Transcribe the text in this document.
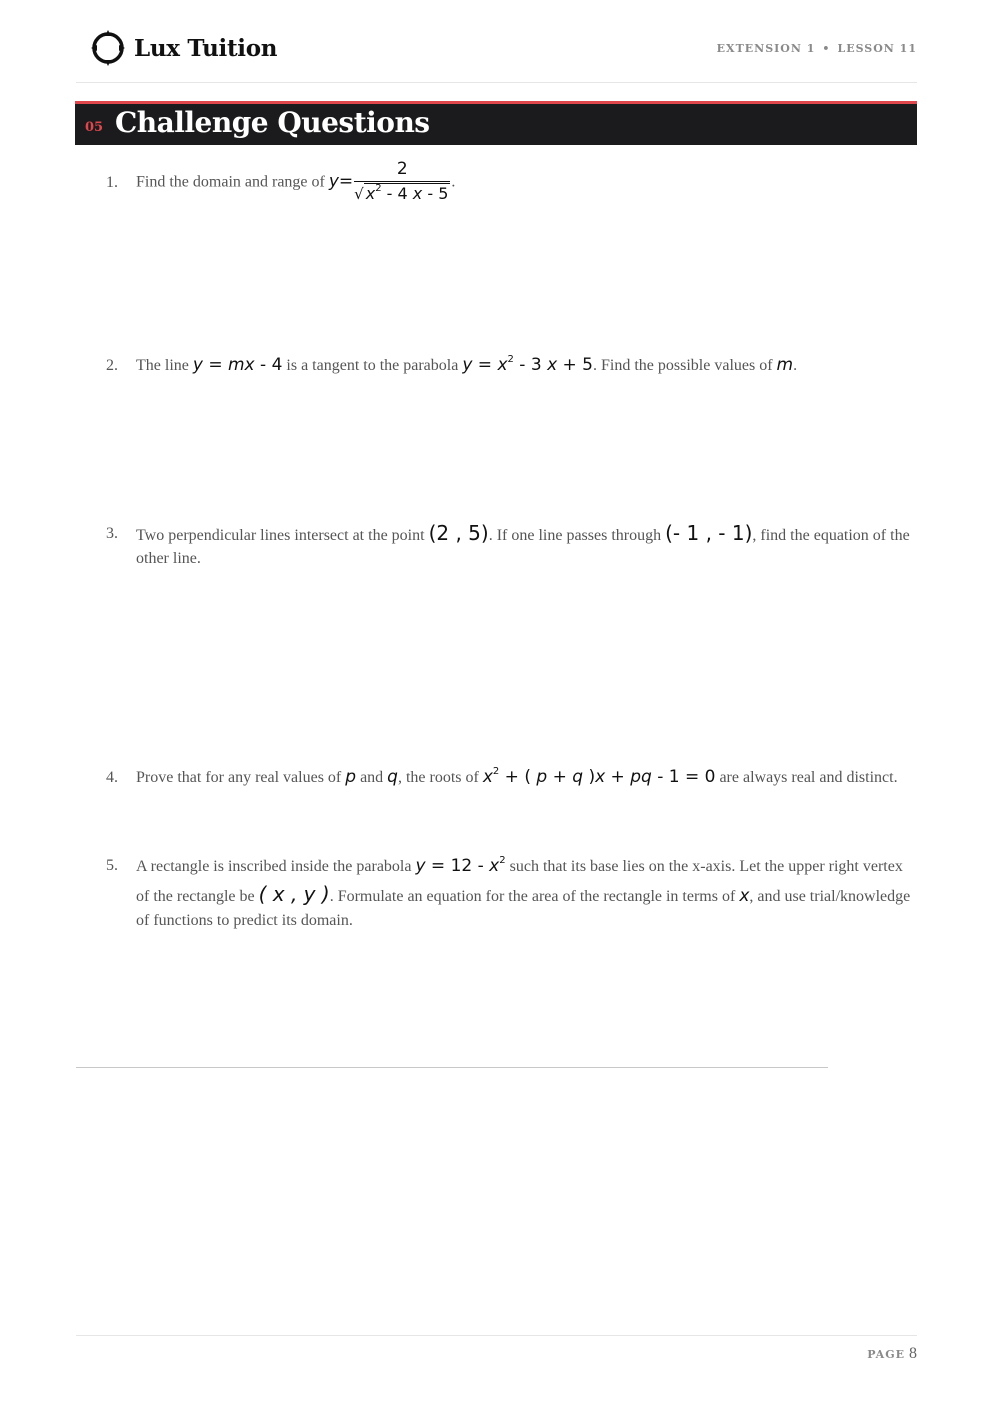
Lux Tuition	EXTENSION 1 • LESSON 11
05 Challenge Questions
1. Find the domain and range of $y= \frac{2}{√ x^2 - 4 x - 5}$ .
2. The line y = mx - 4 is a tangent to the parabola $y = x^2 - 3$ x + 5. Find the possible values of m.
3. Two perpendicular lines intersect at the point (2 , 5). If one line passes through (- 1 , - 1), find the equation of the other line.
4. Prove that for any real values of p and q, the roots of $x^2$ + ( p + q )x + pq - 1 = 0 are always real and distinct.
5. A rectangle is inscribed inside the parabola $y = 12 - x^2$ such that its base lies on the x-axis. Let the upper right vertex of the rectangle be ( x , y ). Formulate an equation for the area of the rectangle in terms of x, and use trial/knowledge of functions to predict its domain.
PAGE 8
